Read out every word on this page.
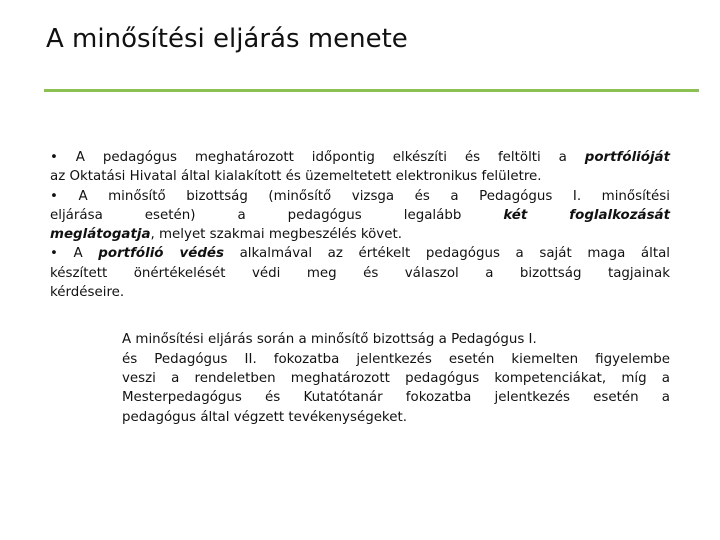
A minősítési eljárás menete
• A pedagógus meghatározott időpontig elkészíti és feltölti a portfólióját
az Oktatási Hivatal által kialakított és üzemeltetett elektronikus felületre.
• A minősítő bizottság (minősítő vizsga és a Pedagógus I. minősítési
eljárása esetén) a pedagógus legalább két	foglalkozását
meglátogatja, melyet szakmai megbeszélés követ.
• A portfólió védés alkalmával az értékelt pedagógus a saját maga által
készített önértékelését védi meg és válaszol a bizottság tagjainak
kérdéseire.
A minősítési eljárás során a minősítő bizottság a Pedagógus I.
és Pedagógus II. fokozatba jelentkezés esetén kiemelten figyelembe
veszi a rendeletben meghatározott pedagógus kompetenciákat, míg a
Mesterpedagógus és Kutatótanár fokozatba jelentkezés esetén a
pedagógus által végzett tevékenységeket.
